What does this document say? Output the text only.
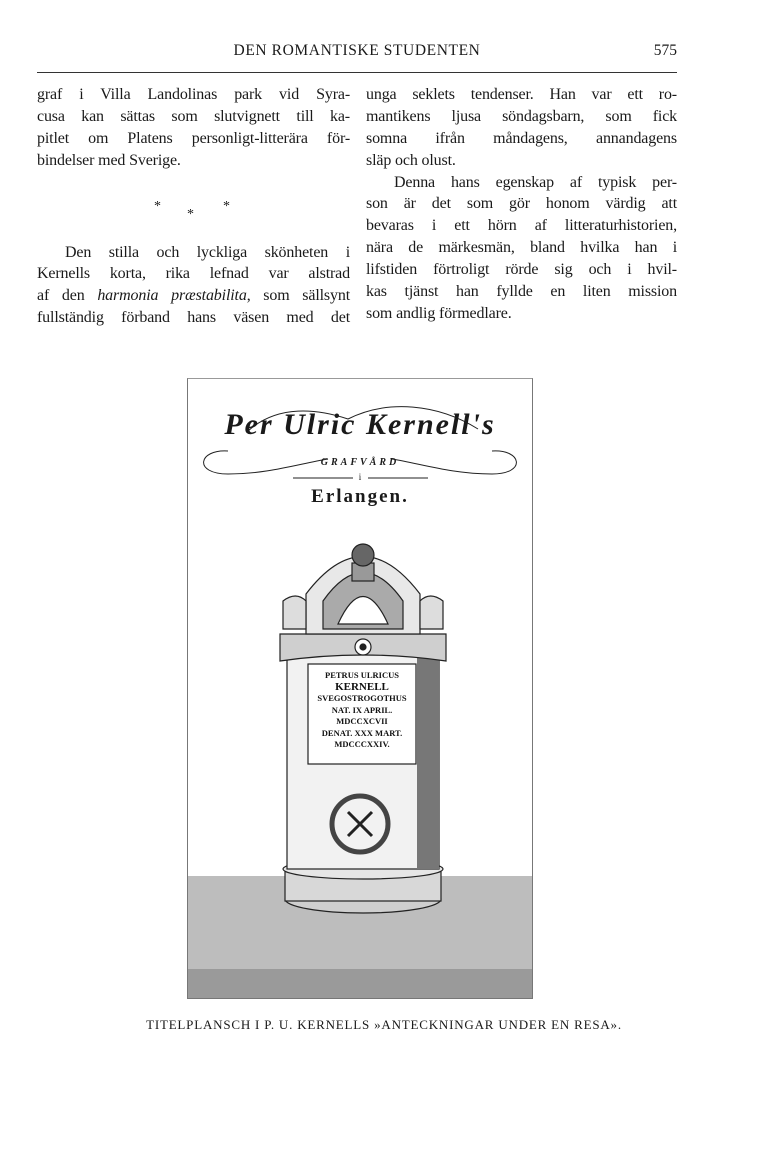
DEN ROMANTISKE STUDENTEN	575
graf i Villa Landolinas park vid Syra-
cusa kan sättas som slutvignett till ka-
pitlet om Platens personligt-litterära för-
bindelser med Sverige.
*
*
*
Den stilla och lyckliga skönheten i
Kernells korta, rika lefnad var alstrad
af den harmonia præstabilita, som sällsynt
fullständig förband hans väsen med det
unga seklets tendenser. Han var ett ro-
mantikens ljusa söndagsbarn, som fick
somna ifrån måndagens, annandagens
släp och olust.
Denna hans egenskap af typisk per-
son är det som gör honom värdig att
bevaras i ett hörn af litteraturhistorien,
nära de märkesmän, bland hvilka han i
lifstiden förtroligt rörde sig och i hvil-
kas tjänst han fyllde en liten mission
som andlig förmedlare.
Per Ulric Kernell's
GRAFVÅRD
i
Erlangen.
PETRUS ULRICUS
KERNELL
SVEGOSTROGOTHUS
NAT. IX APRIL.
MDCCXCVII
DENAT. XXX MART.
MDCCCXXIV.
TITELPLANSCH I P. U. KERNELLS »ANTECKNINGAR UNDER EN RESA».
